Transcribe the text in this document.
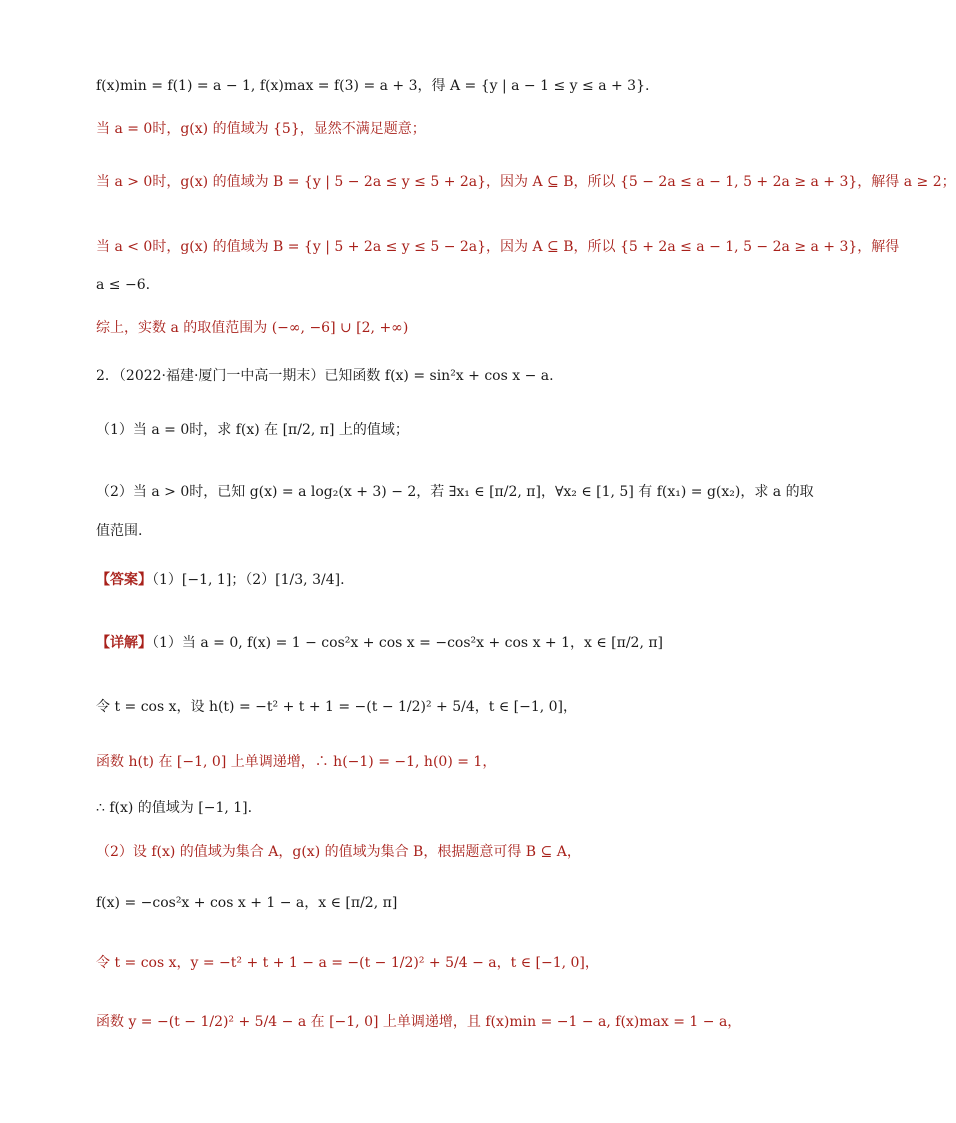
f(x)min = f(1) = a − 1, f(x)max = f(3) = a + 3，得 A = {y | a − 1 ≤ y ≤ a + 3}.
当 a = 0时，g(x) 的值域为 {5}，显然不满足题意；
当 a > 0时，g(x) 的值域为 B = {y | 5 − 2a ≤ y ≤ 5 + 2a}，因为 A ⊆ B，所以 {5 − 2a ≤ a − 1, 5 + 2a ≥ a + 3}，解得 a ≥ 2；
当 a < 0时，g(x) 的值域为 B = {y | 5 + 2a ≤ y ≤ 5 − 2a}，因为 A ⊆ B，所以 {5 + 2a ≤ a − 1, 5 − 2a ≥ a + 3}，解得
a ≤ −6.
综上，实数 a 的取值范围为 (−∞, −6] ∪ [2, +∞)
2．（2022·福建·厦门一中高一期末）已知函数 f(x) = sin²x + cos x − a.
（1）当 a = 0时，求 f(x) 在 [π/2, π] 上的值域；
（2）当 a > 0时，已知 g(x) = a log₂(x + 3) − 2，若 ∃x₁ ∈ [π/2, π]，∀x₂ ∈ [1, 5] 有 f(x₁) = g(x₂)，求 a 的取
值范围.
【答案】（1）[−1, 1]；（2）[1/3, 3/4].
【详解】（1）当 a = 0, f(x) = 1 − cos²x + cos x = −cos²x + cos x + 1，x ∈ [π/2, π]
令 t = cos x，设 h(t) = −t² + t + 1 = −(t − 1/2)² + 5/4，t ∈ [−1, 0]，
函数 h(t) 在 [−1, 0] 上单调递增，∴ h(−1) = −1, h(0) = 1，
∴ f(x) 的值域为 [−1, 1].
（2）设 f(x) 的值域为集合 A，g(x) 的值域为集合 B，根据题意可得 B ⊆ A，
f(x) = −cos²x + cos x + 1 − a，x ∈ [π/2, π]
令 t = cos x，y = −t² + t + 1 − a = −(t − 1/2)² + 5/4 − a，t ∈ [−1, 0]，
函数 y = −(t − 1/2)² + 5/4 − a 在 [−1, 0] 上单调递增，且 f(x)min = −1 − a, f(x)max = 1 − a，
